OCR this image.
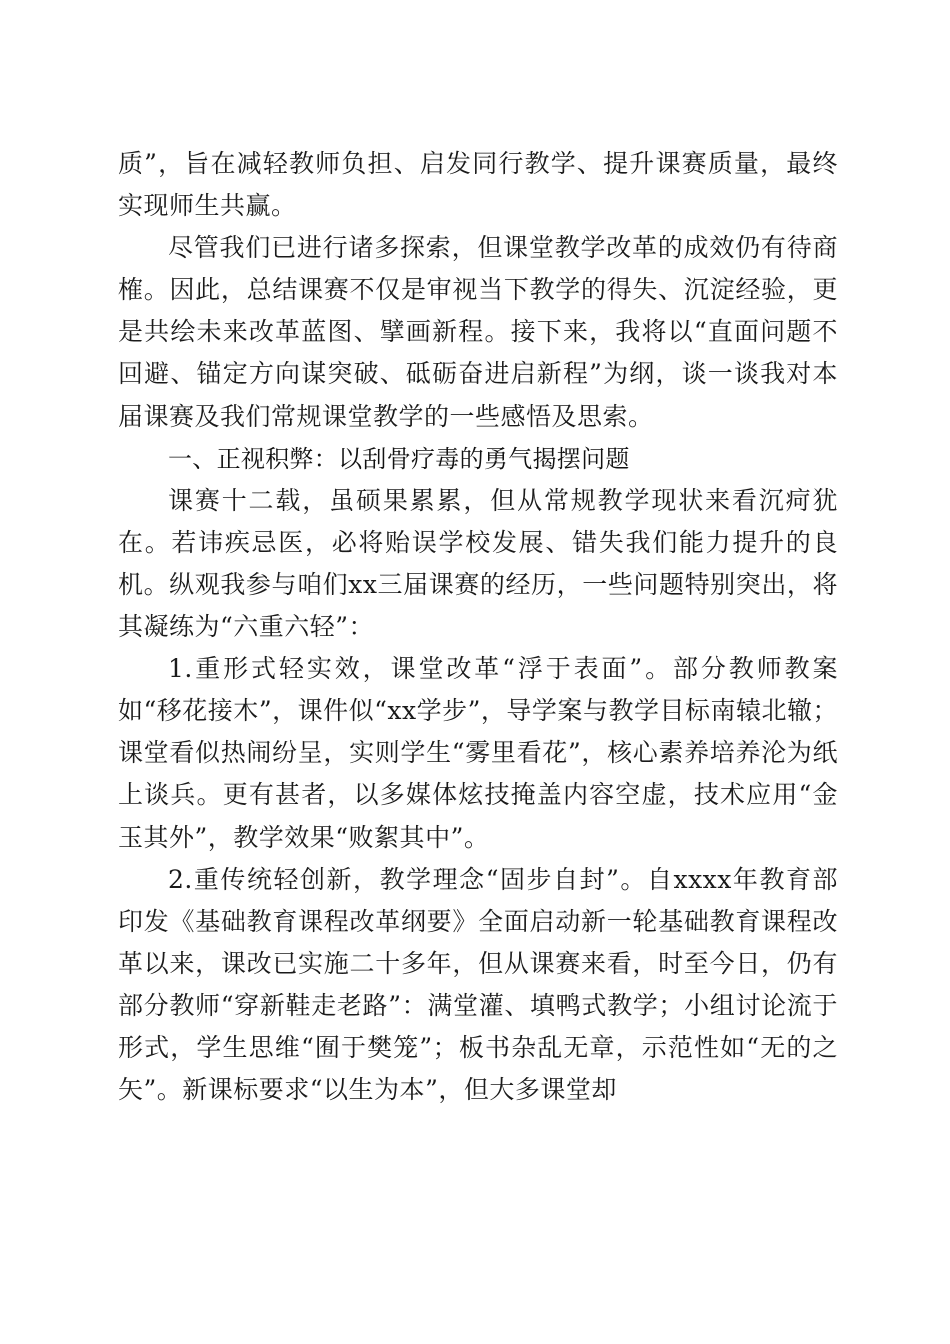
质”，旨在减轻教师负担、启发同行教学、提升课赛质量，最终实现师生共赢。

尽管我们已进行诸多探索，但课堂教学改革的成效仍有待商榷。因此，总结课赛不仅是审视当下教学的得失、沉淀经验，更是共绘未来改革蓝图、擘画新程。接下来，我将以“直面问题不回避、锚定方向谋突破、砥砺奋进启新程”为纲，谈一谈我对本届课赛及我们常规课堂教学的一些感悟及思索。

一、正视积弊：以刮骨疗毒的勇气揭摆问题

课赛十二载，虽硕果累累，但从常规教学现状来看沉疴犹在。若讳疾忌医，必将贻误学校发展、错失我们能力提升的良机。纵观我参与咱们xx三届课赛的经历，一些问题特别突出，将其凝练为“六重六轻”：

1.重形式轻实效，课堂改革“浮于表面”。部分教师教案如“移花接木”，课件似“xx学步”，导学案与教学目标南辕北辙；课堂看似热闹纷呈，实则学生“雾里看花”，核心素养培养沦为纸上谈兵。更有甚者，以多媒体炫技掩盖内容空虚，技术应用“金玉其外”，教学效果“败絮其中”。

2.重传统轻创新，教学理念“固步自封”。自xxxx年教育部印发《基础教育课程改革纲要》全面启动新一轮基础教育课程改革以来，课改已实施二十多年，但从课赛来看，时至今日，仍有部分教师“穿新鞋走老路”：满堂灌、填鸭式教学；小组讨论流于形式，学生思维“囿于樊笼”；板书杂乱无章，示范性如“无的之矢”。新课标要求“以生为本”，但大多课堂却
